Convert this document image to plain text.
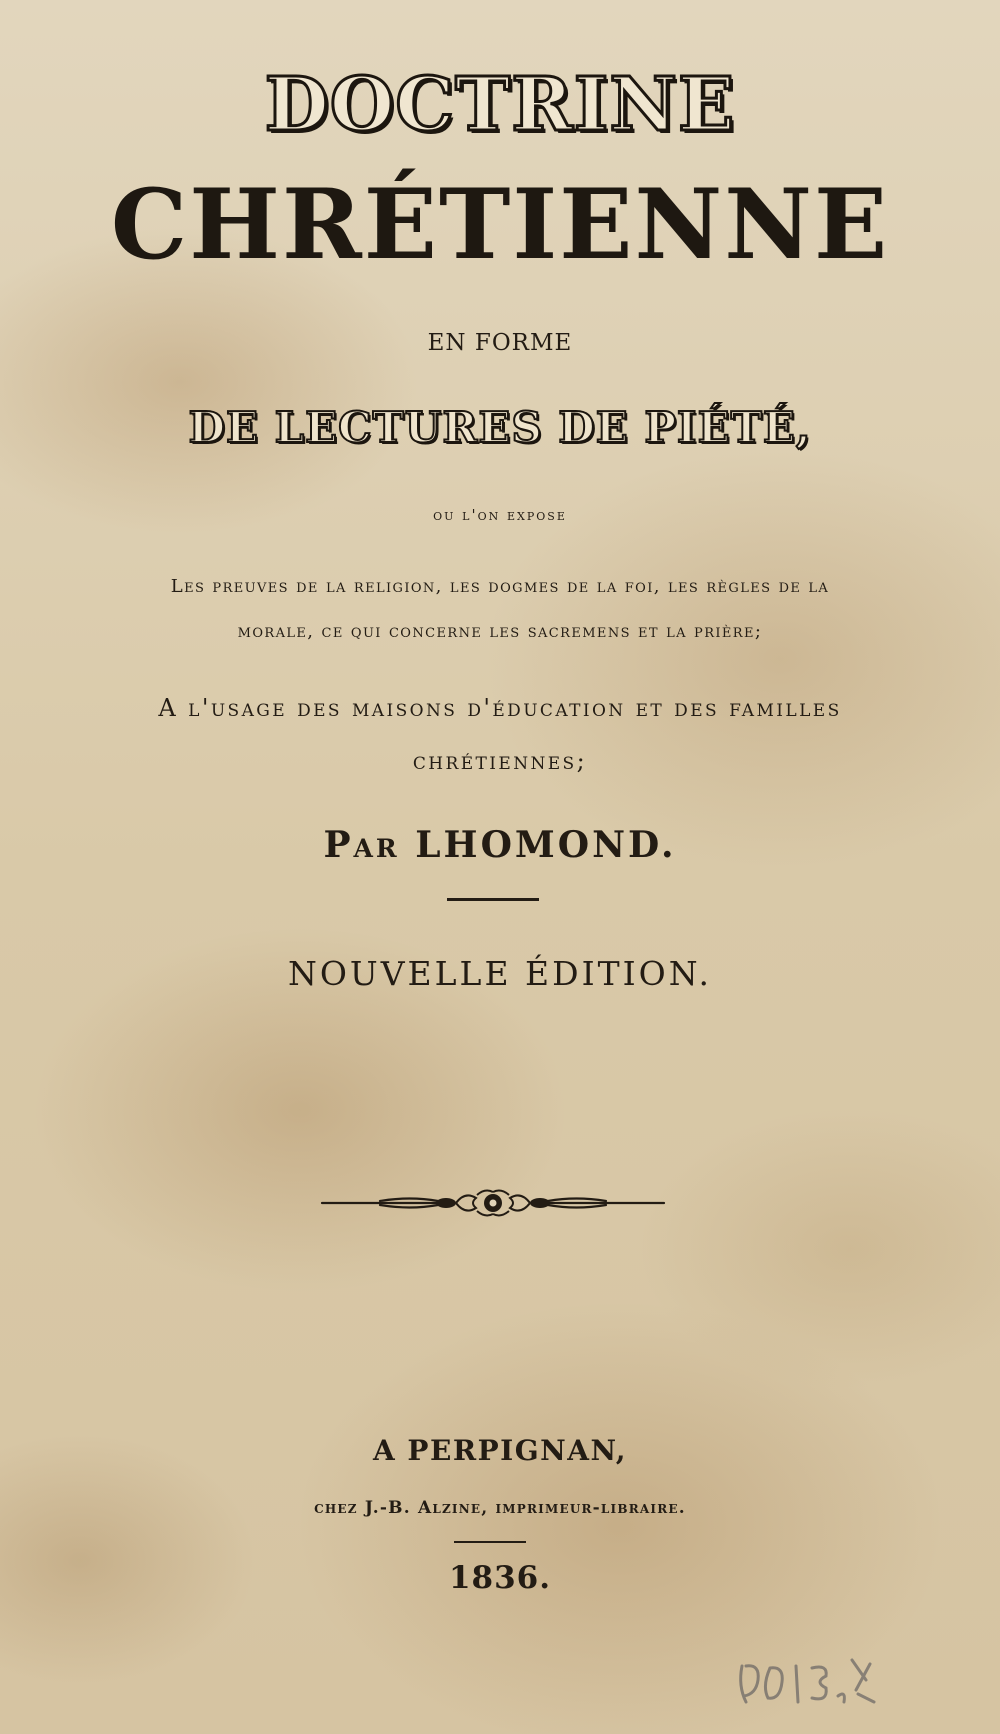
DOCTRINE
CHRÉTIENNE
EN FORME
DE LECTURES DE PIÉTÉ,
ou l'on expose
Les preuves de la religion, les dogmes de la foi, les règles de la
morale, ce qui concerne les sacremens et la prière;
A l'usage des maisons d'éducation et des familles
chrétiennes;
Par LHOMOND.
NOUVELLE ÉDITION.
A PERPIGNAN,
chez J.-B. Alzine, imprimeur-libraire.
1836.
